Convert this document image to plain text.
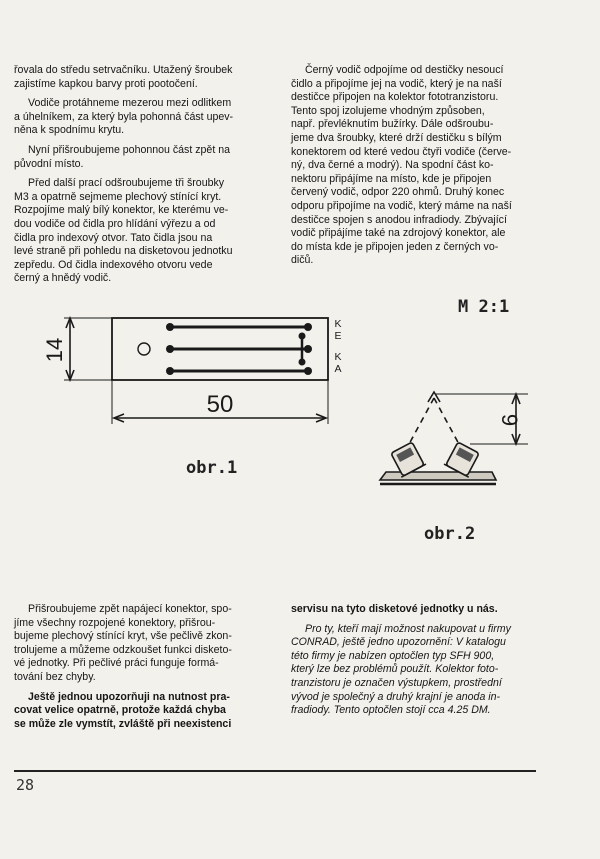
řovala do středu setrvačníku. Utažený šroubek
zajistíme kapkou barvy proti pootočení.

Vodiče protáhneme mezerou mezi odlitkem
a úhelníkem, za který byla pohonná část upev-
něna k spodnímu krytu.

Nyní přišroubujeme pohonnou část zpět na
původní místo.

Před další prací odšroubujeme tři šroubky
M3 a opatrně sejmeme plechový stínící kryt.
Rozpojíme malý bílý konektor, ke kterému ve-
dou vodiče od čidla pro hlídání výřezu a od
čidla pro indexový otvor. Tato čidla jsou na
levé straně při pohledu na disketovou jednotku
zepředu. Od čidla indexového otvoru vede
černý a hnědý vodič.

Černý vodič odpojíme od destičky nesoucí
čidlo a připojíme jej na vodič, který je na naší
destičce připojen na kolektor fototranzistoru.
Tento spoj izolujeme vhodným způsoben,
např. převléknutím bužírky. Dále odšroubu-
jeme dva šroubky, které drží destičku s bílým
konektorem od které vedou čtyři vodiče (červe-
ný, dva černé a modrý). Na spodní část ko-
nektoru připájíme na místo, kde je připojen
červený vodič, odpor 220 ohmů. Druhý konec
odporu připojíme na vodič, který máme na naší
destičce spojen s anodou infradiody. Zbývající
vodič připájíme také na zdrojový konektor, ale
do místa kde je připojen jeden z černých vo-
dičů.

14
50
K
E
K
A
obr.1
M 2:1
9
obr.2

Přišroubujeme zpět napájecí konektor, spo-
jíme všechny rozpojené konektory, přišrou-
bujeme plechový stínící kryt, vše pečlivě zkon-
trolujeme a můžeme odzkoušet funkci disketo-
vé jednotky. Při pečlivé práci funguje formá-
tování bez chyby.

Ještě jednou upozorňuji na nutnost pra-
covat velice opatrně, protože každá chyba
se může zle vymstít, zvláště při neexistenci

servisu na tyto disketové jednotky u nás.

Pro ty, kteří mají možnost nakupovat u firmy
CONRAD, ještě jedno upozornění: V katalogu
této firmy je nabízen optočlen typ SFH 900,
který lze bez problémů použít. Kolektor foto-
tranzistoru je označen výstupkem, prostřední
vývod je společný a druhý krajní je anoda in-
fradiody. Tento optočlen stojí cca 4.25 DM.

28
